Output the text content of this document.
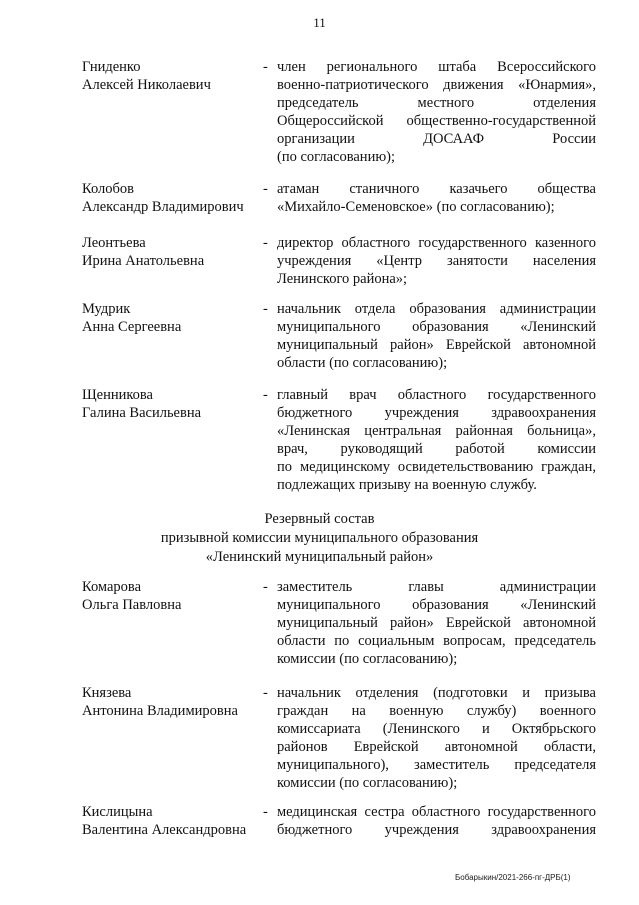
11
Гниденко
Алексей Николаевич
- член регионального штаба Всероссийского
военно-патриотического движения «Юнармия»,
председатель местного отделения
Общероссийской общественно-государственной
организации ДОСААФ России
(по согласованию);
Колобов
Александр Владимирович
- атаман станичного казачьего общества
«Михайло-Семеновское» (по согласованию);
Леонтьева
Ирина Анатольевна
- директор областного государственного казенного
учреждения «Центр занятости населения
Ленинского района»;
Мудрик
Анна Сергеевна
- начальник отдела образования администрации
муниципального образования «Ленинский
муниципальный район» Еврейской автономной
области (по согласованию);
Щенникова
Галина Васильевна
- главный врач областного государственного
бюджетного учреждения здравоохранения
«Ленинская центральная районная больница»,
врач, руководящий работой комиссии
по медицинскому освидетельствованию граждан,
подлежащих призыву на военную службу.
Резервный состав
призывной комиссии муниципального образования
«Ленинский муниципальный район»
Комарова
Ольга Павловна
- заместитель главы администрации
муниципального образования «Ленинский
муниципальный район» Еврейской автономной
области по социальным вопросам, председатель
комиссии (по согласованию);
Князева
Антонина Владимировна
- начальник отделения (подготовки и призыва
граждан на военную службу) военного
комиссариата (Ленинского и Октябрьского
районов Еврейской автономной области,
муниципального), заместитель председателя
комиссии (по согласованию);
Кислицына
Валентина Александровна
- медицинская сестра областного государственного
бюджетного учреждения здравоохранения
Бобарыкин/2021-266-пг-ДРБ(1)
